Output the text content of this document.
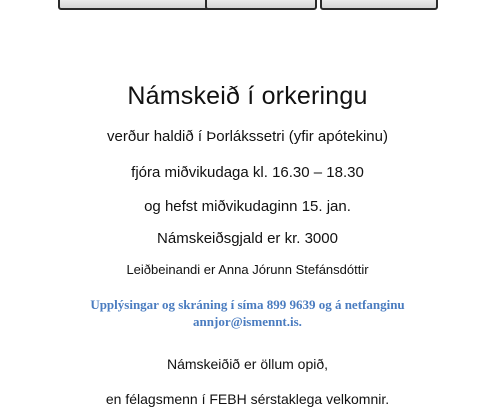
Námskeið í orkeringu
verður haldið í Þorlákssetri (yfir apótekinu)
fjóra miðvikudaga kl. 16.30 – 18.30
og hefst miðvikudaginn 15. jan.
Námskeiðsgjald er kr. 3000
Leiðbeinandi er Anna Jórunn Stefánsdóttir
Upplýsingar og skráning í síma 899 9639 og á netfanginu
annjor@ismennt.is.
Námskeiðið er öllum opið,
en félagsmenn í FEBH sérstaklega velkomnir.
